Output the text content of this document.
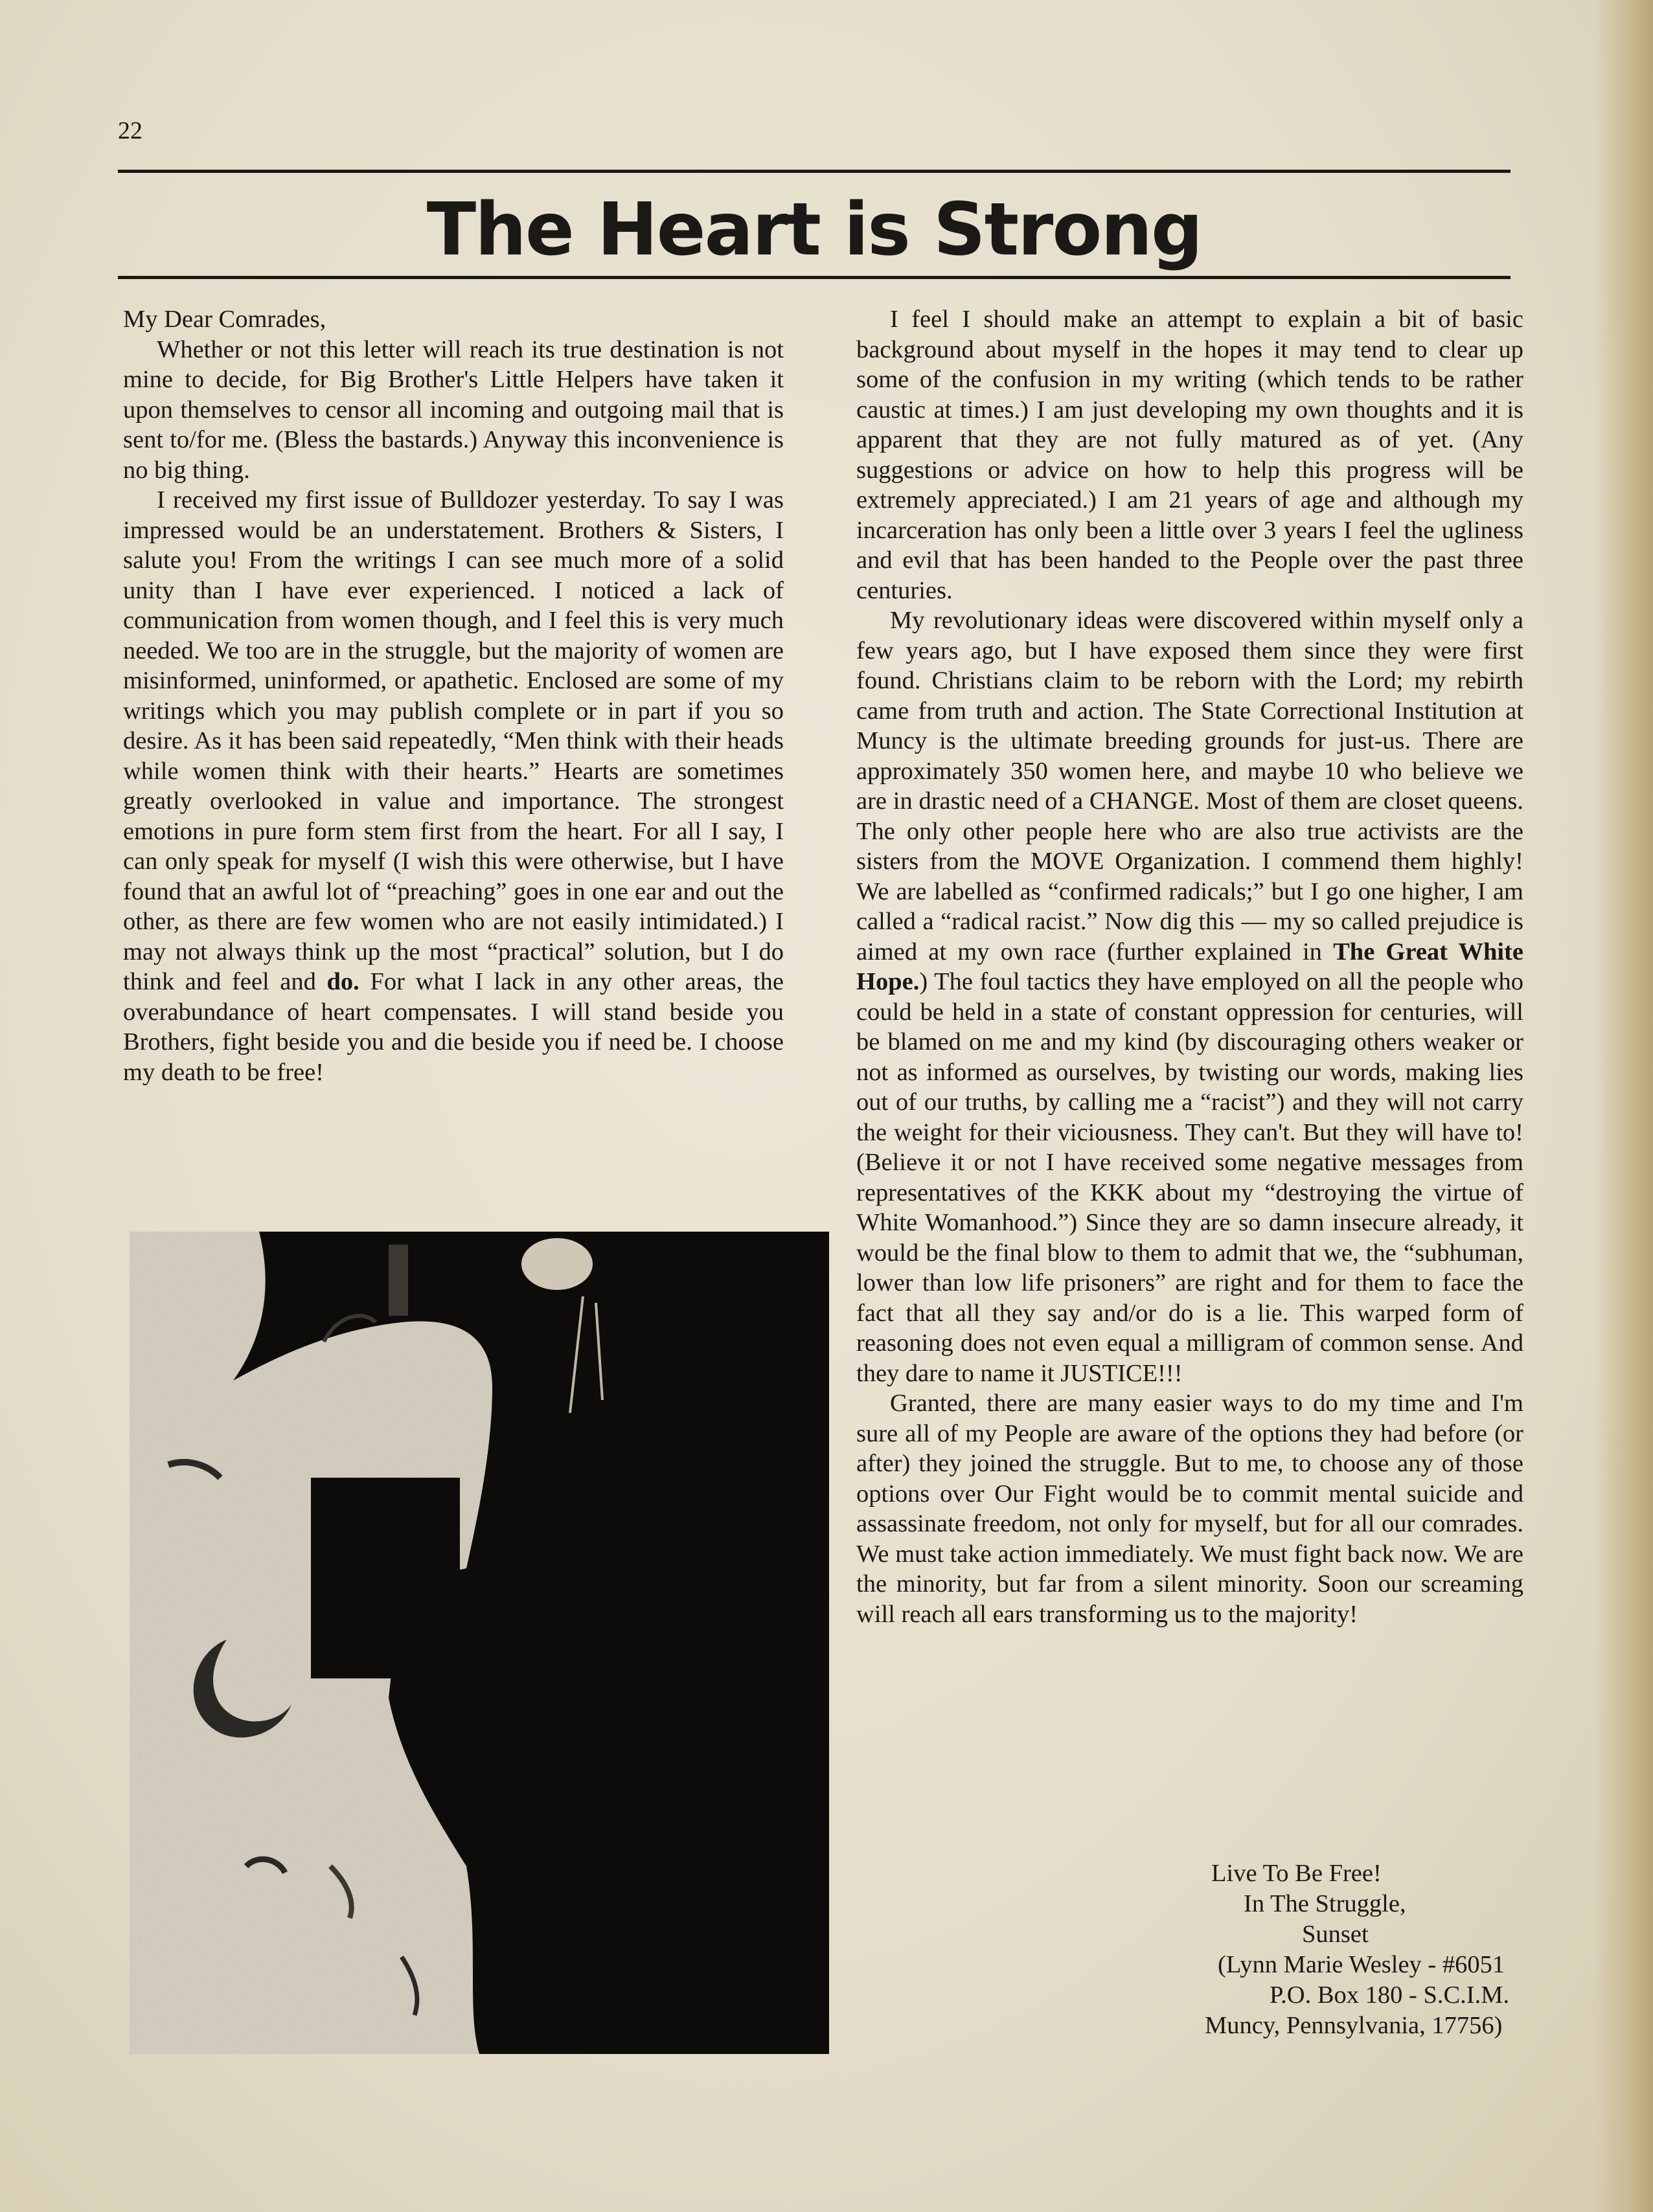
22
The Heart is Strong

My Dear Comrades,

Whether or not this letter will reach its true destination is not mine to decide, for Big Brother's Little Helpers have taken it upon themselves to censor all incoming and outgoing mail that is sent to/for me. (Bless the bastards.) Anyway this inconvenience is no big thing.

I received my first issue of Bulldozer yesterday. To say I was impressed would be an understatement. Brothers & Sisters, I salute you! From the writings I can see much more of a solid unity than I have ever experienced. I noticed a lack of communication from women though, and I feel this is very much needed. We too are in the struggle, but the majority of women are misinformed, uninformed, or apathetic. Enclosed are some of my writings which you may publish complete or in part if you so desire. As it has been said repeatedly, “Men think with their heads while women think with their hearts.” Hearts are sometimes greatly overlooked in value and importance. The strongest emotions in pure form stem first from the heart. For all I say, I can only speak for myself (I wish this were otherwise, but I have found that an awful lot of “preaching” goes in one ear and out the other, as there are few women who are not easily intimidated.) I may not always think up the most “practical” solution, but I do think and feel and do. For what I lack in any other areas, the overabundance of heart compensates. I will stand beside you Brothers, fight beside you and die beside you if need be. I choose my death to be free!

I feel I should make an attempt to explain a bit of basic background about myself in the hopes it may tend to clear up some of the confusion in my writing (which tends to be rather caustic at times.) I am just developing my own thoughts and it is apparent that they are not fully matured as of yet. (Any suggestions or advice on how to help this progress will be extremely appreciated.) I am 21 years of age and although my incarceration has only been a little over 3 years I feel the ugliness and evil that has been handed to the People over the past three centuries.

My revolutionary ideas were discovered within myself only a few years ago, but I have exposed them since they were first found. Christians claim to be reborn with the Lord; my rebirth came from truth and action. The State Correctional Institution at Muncy is the ultimate breeding grounds for just-us. There are approximately 350 women here, and maybe 10 who believe we are in drastic need of a CHANGE. Most of them are closet queens. The only other people here who are also true activists are the sisters from the MOVE Organization. I commend them highly! We are labelled as “confirmed radicals;” but I go one higher, I am called a “radical racist.” Now dig this — my so called prejudice is aimed at my own race (further explained in The Great White Hope.) The foul tactics they have employed on all the people who could be held in a state of constant oppression for centuries, will be blamed on me and my kind (by discouraging others weaker or not as informed as ourselves, by twisting our words, making lies out of our truths, by calling me a “racist”) and they will not carry the weight for their viciousness. They can't. But they will have to! (Believe it or not I have received some negative messages from representatives of the KKK about my “destroying the virtue of White Womanhood.”) Since they are so damn insecure already, it would be the final blow to them to admit that we, the “subhuman, lower than low life prisoners” are right and for them to face the fact that all they say and/or do is a lie. This warped form of reasoning does not even equal a milligram of common sense. And they dare to name it JUSTICE!!!

Granted, there are many easier ways to do my time and I'm sure all of my People are aware of the options they had before (or after) they joined the struggle. But to me, to choose any of those options over Our Fight would be to commit mental suicide and assassinate freedom, not only for myself, but for all our comrades. We must take action immediately. We must fight back now. We are the minority, but far from a silent minority. Soon our screaming will reach all ears transforming us to the majority!

Live To Be Free!
In The Struggle,
Sunset
(Lynn Marie Wesley - #6051
P.O. Box 180 - S.C.I.M.
Muncy, Pennsylvania, 17756)
